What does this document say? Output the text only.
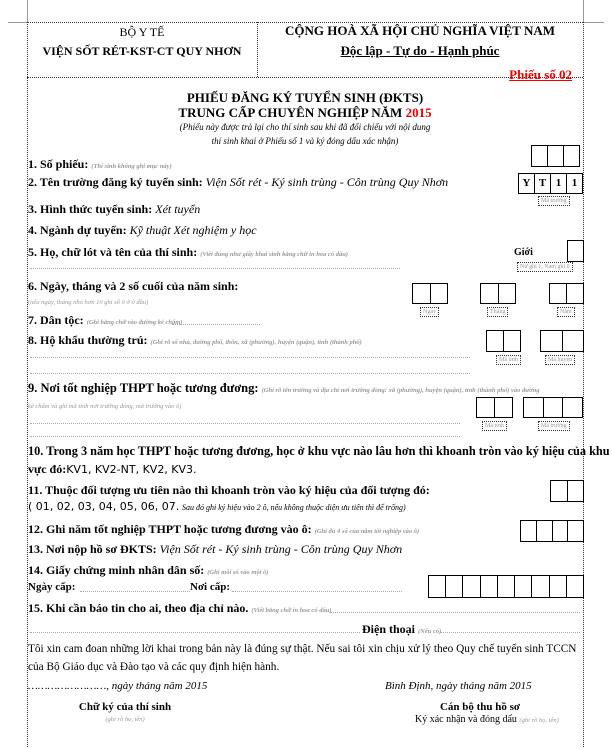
BỘ Y TẾ
VIỆN SỐT RÉT-KST-CT QUY NHƠN
CỘNG HOÀ XÃ HỘI CHỦ NGHĨA VIỆT NAM
Độc lập - Tự do - Hạnh phúc
Phiếu số 02
PHIẾU ĐĂNG KÝ TUYỂN SINH (ĐKTS)
TRUNG CẤP CHUYÊN NGHIỆP NĂM 2015
(Phiếu này được trả lại cho thí sinh sau khi đã đối chiếu với nội dung
thí sinh khai ở Phiếu số 1 và ký đóng dấu xác nhận)
1. Số phiếu: (Thí sinh không ghi mục này)
2. Tên trường đăng ký tuyển sinh: Viện Sốt rét - Ký sinh trùng - Côn trùng Quy Nhơn	Y T 1 1
Mã trường
3. Hình thức tuyển sinh: Xét tuyển
4. Ngành dự tuyển: Kỹ thuật Xét nghiệm y học
5. Họ, chữ lót và tên của thí sinh: (Viết đúng như giấy khai sinh bằng chữ in hoa có dấu)	Giới
Nữ ghi 1, Nam ghi 0
6. Ngày, tháng và 2 số cuối của năm sinh:
(nếu ngày, tháng nhỏ hơn 10 ghi số 0 ở ô đầu)
Ngày	Tháng	Năm
7. Dân tộc: (Ghi bằng chữ vào đường kẻ chấm)
8. Hộ khẩu thường trú: (Ghi rõ số nhà, đường phố, thôn, xã (phường), huyện (quận), tỉnh (thành phố)
Mã tỉnh	Mã huyện
9. Nơi tốt nghiệp THPT hoặc tương đương: (Ghi rõ tên trường và địa chỉ nơi trường đóng: xã (phường), huyện (quận), tỉnh (thành phố) vào đường
kẻ chấm và ghi mã tỉnh nơi trường đóng, mã trường vào ô)
Mã tỉnh	Mã trường
10. Trong 3 năm học THPT hoặc tương đương, học ở khu vực nào lâu hơn thì khoanh tròn vào ký hiệu của khu
vực đó:KV1, KV2-NT, KV2, KV3.
11. Thuộc đối tượng ưu tiên nào thì khoanh tròn vào ký hiệu của đối tượng đó:
( 01, 02, 03, 04, 05, 06, 07. Sau đó ghi ký hiệu vào 2 ô, nếu không thuộc diện ưu tiên thì để trống)
12. Ghi năm tốt nghiệp THPT hoặc tương đương vào ô: (Ghi đủ 4 số của năm tốt nghiệp vào ô)
13. Nơi nộp hồ sơ ĐKTS: Viện Sốt rét - Ký sinh trùng - Côn trùng Quy Nhơn
14. Giấy chứng minh nhân dân số: (Ghi mỗi số vào một ô)
Ngày cấp:	Nơi cấp:
15. Khi cần báo tin cho ai, theo địa chỉ nào. (Viết bằng chữ in hoa có dấu)
Điện thoại (Nếu có)
Tôi xin cam đoan những lời khai trong bản này là đúng sự thật. Nếu sai tôi xin chịu xử lý theo Quy chế tuyển sinh TCCN
của Bộ Giáo dục và Đào tạo và các quy định hiện hành.
……………………, ngày tháng năm 2015	Bình Định, ngày tháng năm 2015
Chữ ký của thí sinh
(ghi rõ họ, tên)
Cán bộ thu hồ sơ
Ký xác nhận và đóng dấu (ghi rõ họ, tên)
